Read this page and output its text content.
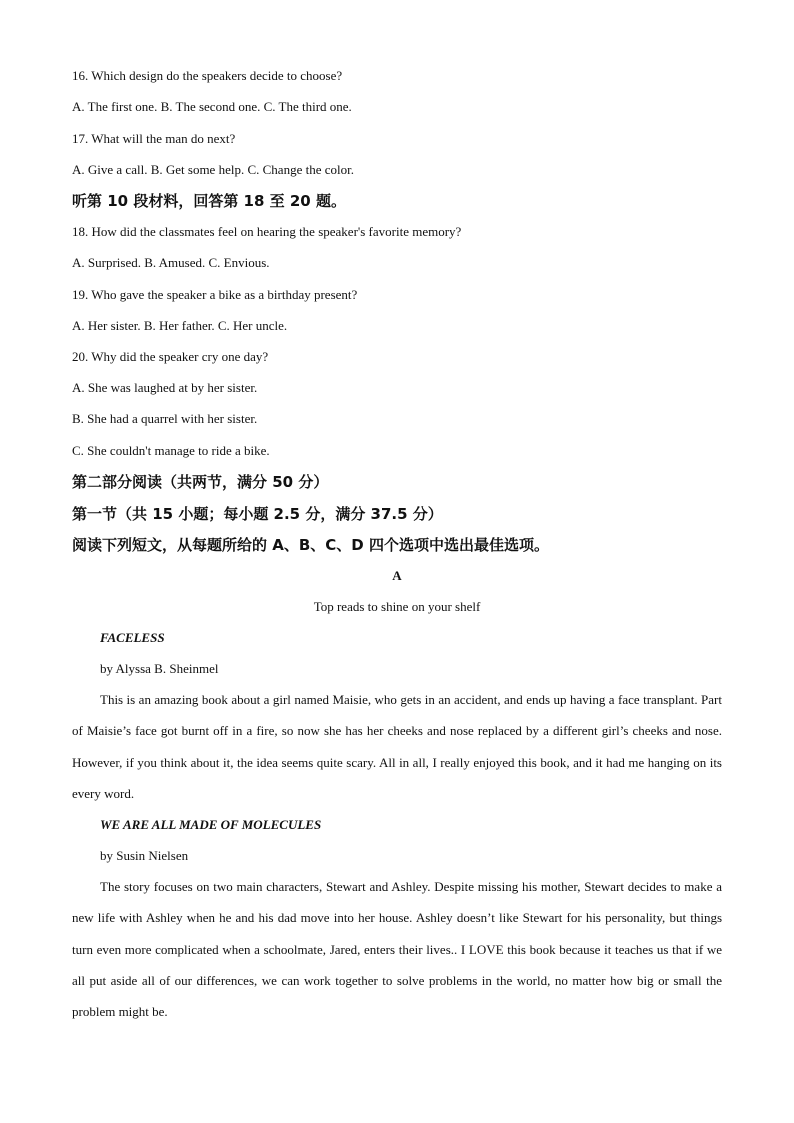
16. Which design do the speakers decide to choose?
A. The first one. B. The second one. C. The third one.
17. What will the man do next?
A. Give a call. B. Get some help. C. Change the color.
听第 10 段材料，回答第 18 至 20 题。
18. How did the classmates feel on hearing the speaker's favorite memory?
A. Surprised. B. Amused. C. Envious.
19. Who gave the speaker a bike as a birthday present?
A. Her sister. B. Her father. C. Her uncle.
20. Why did the speaker cry one day?
A. She was laughed at by her sister.
B. She had a quarrel with her sister.
C. She couldn't manage to ride a bike.
第二部分阅读（共两节，满分 50 分）
第一节（共 15 小题；每小题 2.5 分，满分 37.5 分）
阅读下列短文，从每题所给的 A、B、C、D 四个选项中选出最佳选项。
A
Top reads to shine on your shelf
FACELESS
by Alyssa B. Sheinmel
This is an amazing book about a girl named Maisie, who gets in an accident, and ends up having a face transplant. Part of Maisie’s face got burnt off in a fire, so now she has her cheeks and nose replaced by a different girl’s cheeks and nose. However, if you think about it, the idea seems quite scary. All in all, I really enjoyed this book, and it had me hanging on its every word.
WE ARE ALL MADE OF MOLECULES
by Susin Nielsen
The story focuses on two main characters, Stewart and Ashley. Despite missing his mother, Stewart decides to make a new life with Ashley when he and his dad move into her house. Ashley doesn’t like Stewart for his personality, but things turn even more complicated when a schoolmate, Jared, enters their lives.. I LOVE this book because it teaches us that if we all put aside all of our differences, we can work together to solve problems in the world, no matter how big or small the problem might be.
